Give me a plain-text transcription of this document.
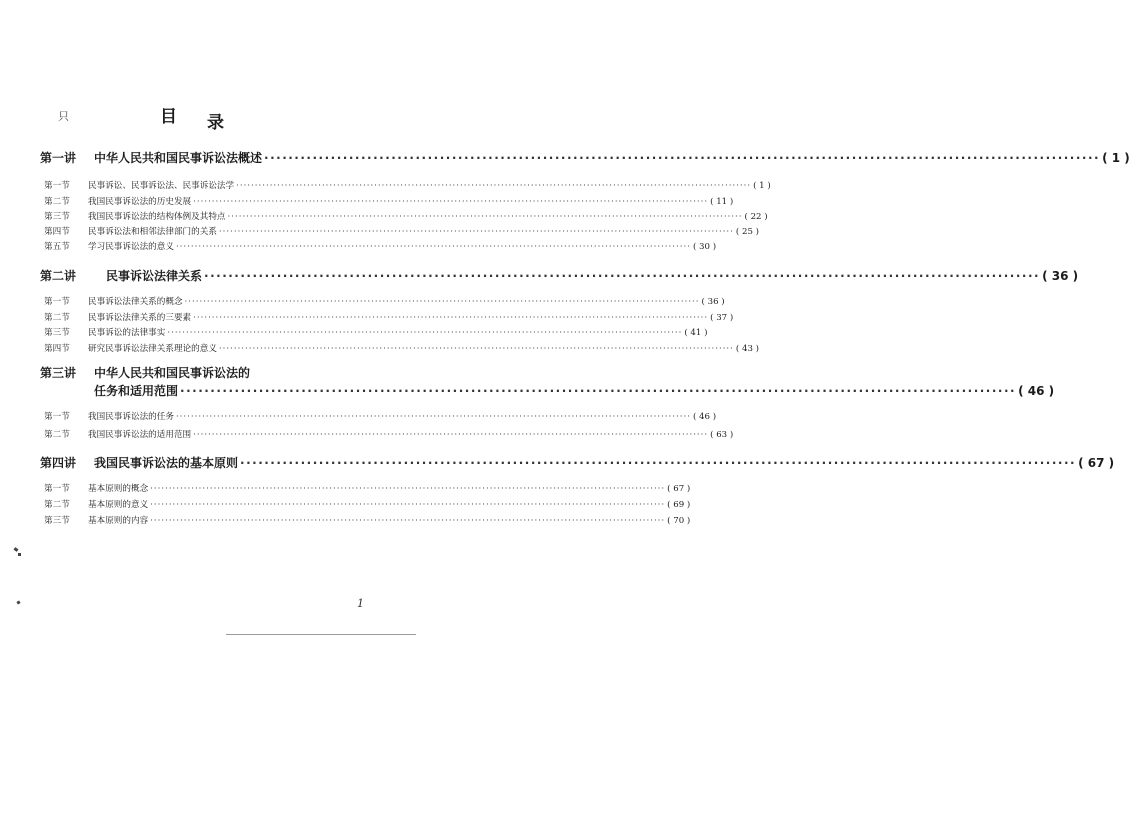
只	目 录
第一讲	中华人民共和国民事诉讼法概述 ·········································································································································· ( 1 )
第一节	民事诉讼、民事诉讼法、民事诉讼法学 ·········································································································································· ( 1 )
第二节	我国民事诉讼法的历史发展 ·········································································································································· ( 11 )
第三节	我国民事诉讼法的结构体例及其特点 ·········································································································································· ( 22 )
第四节	民事诉讼法和相邻法律部门的关系 ·········································································································································· ( 25 )
第五节	学习民事诉讼法的意义 ·········································································································································· ( 30 )
第二讲	民事诉讼法律关系 ·········································································································································· ( 36 )
第一节	民事诉讼法律关系的概念 ·········································································································································· ( 36 )
第二节	民事诉讼法律关系的三要素 ·········································································································································· ( 37 )
第三节	民事诉讼的法律事实 ·········································································································································· ( 41 )
第四节	研究民事诉讼法律关系理论的意义 ·········································································································································· ( 43 )
第三讲 中华人民共和国民事诉讼法的
任务和适用范围 ·········································································································································· ( 46 )
第一节	我国民事诉讼法的任务 ·········································································································································· ( 46 )
第二节	我国民事诉讼法的适用范围 ·········································································································································· ( 63 )
第四讲	我国民事诉讼法的基本原则 ·········································································································································· ( 67 )
第一节	基本原则的概念 ·········································································································································· ( 67 )
第二节	基本原则的意义 ·········································································································································· ( 69 )
第三节	基本原则的内容 ·········································································································································· ( 70 )
1
